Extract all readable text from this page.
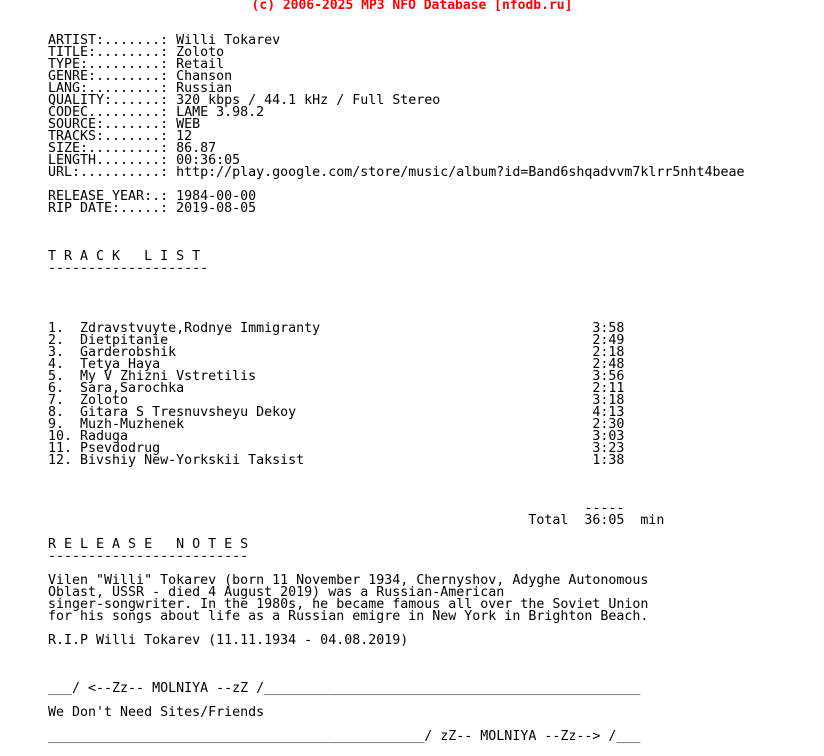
(c) 2006-2025 MP3 NFO Database [nfodb.ru]
ARTIST:.......: Willi Tokarev
TITLE:........: Zoloto
TYPE:.........: Retail
GENRE:........: Chanson
LANG:.........: Russian
QUALITY:......: 320 kbps / 44.1 kHz / Full Stereo
CODEC.........: LAME 3.98.2
SOURCE:.......: WEB
TRACKS:.......: 12
SIZE:.........: 86.87
LENGTH........: 00:36:05
URL:..........: http://play.google.com/store/music/album?id=Band6shqadvvm7klrr5nht4beae
RELEASE YEAR:.: 1984-00-00
RIP DATE:.....: 2019-08-05
T R A C K   L I S T
--------------------
1.  Zdravstvuyte,Rodnye Immigranty                                  3:58
2.  Dietpitanie                                                     2:49
3.  Garderobshik                                                    2:18
4.  Tetya Haya                                                      2:48
5.  My V Zhizni Vstretilis                                          3:56
6.  Sara,Sarochka                                                   2:11
7.  Zoloto                                                          3:18
8.  Gitara S Tresnuvsheyu Dekoy                                     4:13
9.  Muzh-Muzhenek                                                   2:30
10. Raduga                                                          3:03
11. Psevdodrug                                                      3:23
12. Bivshiy New-Yorkskii Taksist                                    1:38
-----
Total  36:05  min
R E L E A S E   N O T E S
-------------------------
Vilen "Willi" Tokarev (born 11 November 1934, Chernyshov, Adyghe Autonomous
Oblast, USSR - died 4 August 2019) was a Russian-American
singer-songwriter. In the 1980s, he became famous all over the Soviet Union
for his songs about life as a Russian emigre in New York in Brighton Beach.
R.I.P Willi Tokarev (11.11.1934 - 04.08.2019)
___/ <--Zz-- MOLNIYA --zZ /_______________________________________________
We Don't Need Sites/Friends
_______________________________________________/ zZ-- MOLNIYA --Zz--> /___
